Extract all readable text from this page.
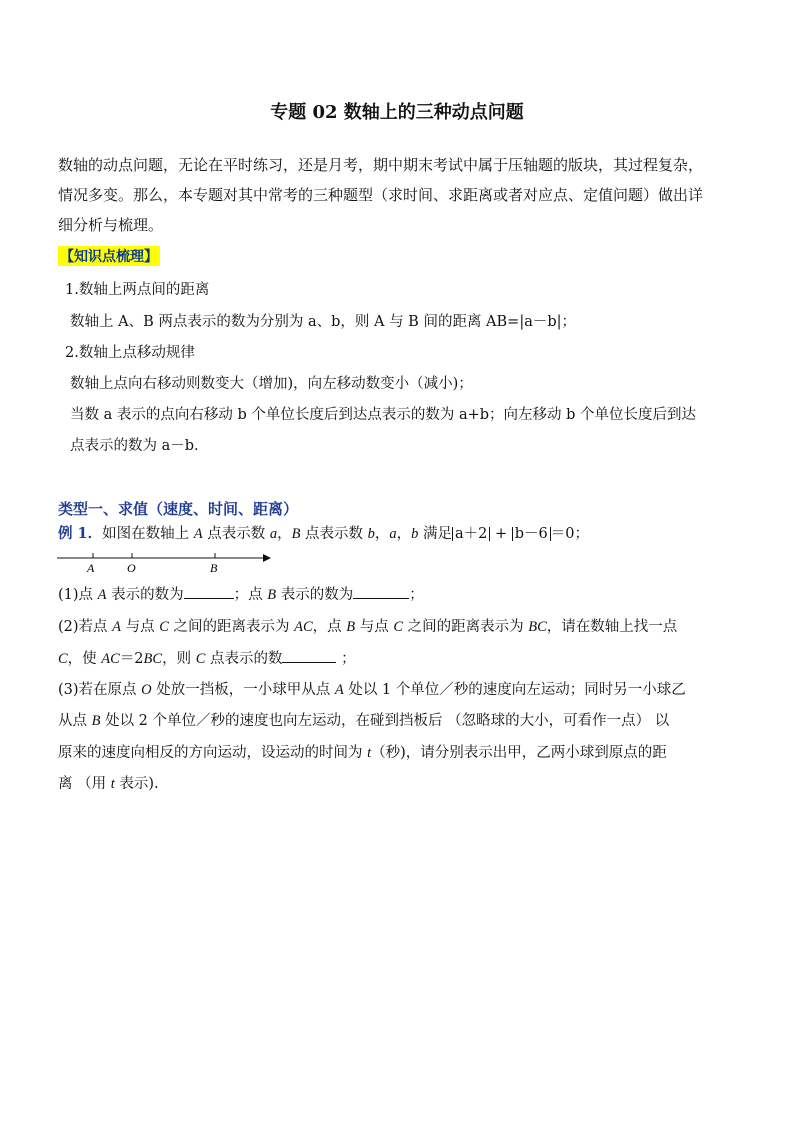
专题 02 数轴上的三种动点问题
数轴的动点问题，无论在平时练习，还是月考，期中期末考试中属于压轴题的版块，其过程复杂，
情况多变。那么，本专题对其中常考的三种题型（求时间、求距离或者对应点、定值问题）做出详
细分析与梳理。
【知识点梳理】
1.数轴上两点间的距离
数轴上 A、B 两点表示的数为分别为 a、b，则 A 与 B 间的距离 AB=|a－b|；
2.数轴上点移动规律
数轴上点向右移动则数变大（增加)，向左移动数变小（减小)；
当数 a 表示的点向右移动 b 个单位长度后到达点表示的数为 a+b；向左移动 b 个单位长度后到达
点表示的数为 a－b.
类型一、求值（速度、时间、距离）
例 1．如图在数轴上 A 点表示数 a，B 点表示数 b，a，b 满足 a＋2 + b－6 ＝0；
A	O	B
(1)点 A 表示的数为	；点 B 表示的数为	；
(2)若点 A 与点 C 之间的距离表示为 AC，点 B 与点 C 之间的距离表示为 BC，请在数轴上找一点
C，使 AC＝2BC，则 C 点表示的数	；
(3)若在原点 O 处放一挡板，一小球甲从点 A 处以 1 个单位／秒的速度向左运动；同时另一小球乙
从点 B 处以 2 个单位／秒的速度也向左运动，在碰到挡板后 （忽略球的大小，可看作一点） 以
原来的速度向相反的方向运动，设运动的时间为 t（秒)，请分别表示出甲，乙两小球到原点的距
离 （用 t 表示).
